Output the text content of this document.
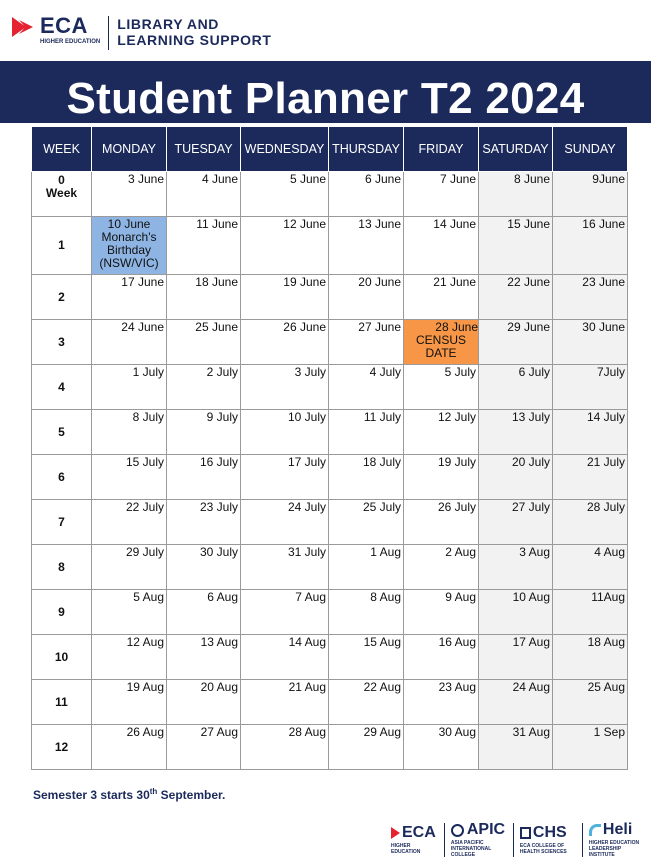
ECA
HIGHER EDUCATION
LIBRARY AND
LEARNING SUPPORT
Student Planner T2 2024
WEEK	MONDAY	TUESDAY	WEDNESDAY	THURSDAY	FRIDAY	SATURDAY	SUNDAY

0
Week	3 June	4 June	5 June	6 June	7 June	8 June	9June

1	10 June
Monarch's
Birthday
(NSW/VIC)	11 June	12 June	13 June	14 June	15 June	16 June

2	17 June	18 June	19 June	20 June	21 June	22 June	23 June

3	24 June	25 June	26 June	27 June	28 June
CENSUS
DATE	29 June	30 June

4	1 July	2 July	3 July	4 July	5 July	6 July	7July

5	8 July	9 July	10 July	11 July	12 July	13 July	14 July

6	15 July	16 July	17 July	18 July	19 July	20 July	21 July

7	22 July	23 July	24 July	25 July	26 July	27 July	28 July

8	29 July	30 July	31 July	1 Aug	2 Aug	3 Aug	4 Aug

9	5 Aug	6 Aug	7 Aug	8 Aug	9 Aug	10 Aug	11Aug

10	12 Aug	13 Aug	14 Aug	15 Aug	16 Aug	17 Aug	18 Aug

11	19 Aug	20 Aug	21 Aug	22 Aug	23 Aug	24 Aug	25 Aug

12	26 Aug	27 Aug	28 Aug	29 Aug	30 Aug	31 Aug	1 Sep
Semester 3 starts 30th September.
ECA
HIGHER EDUCATION
APIC
ASIA PACIFIC INTERNATIONAL COLLEGE
CHS
ECA COLLEGE OF HEALTH SCIENCES
Heli
HIGHER EDUCATION LEADERSHIP INSTITUTE
